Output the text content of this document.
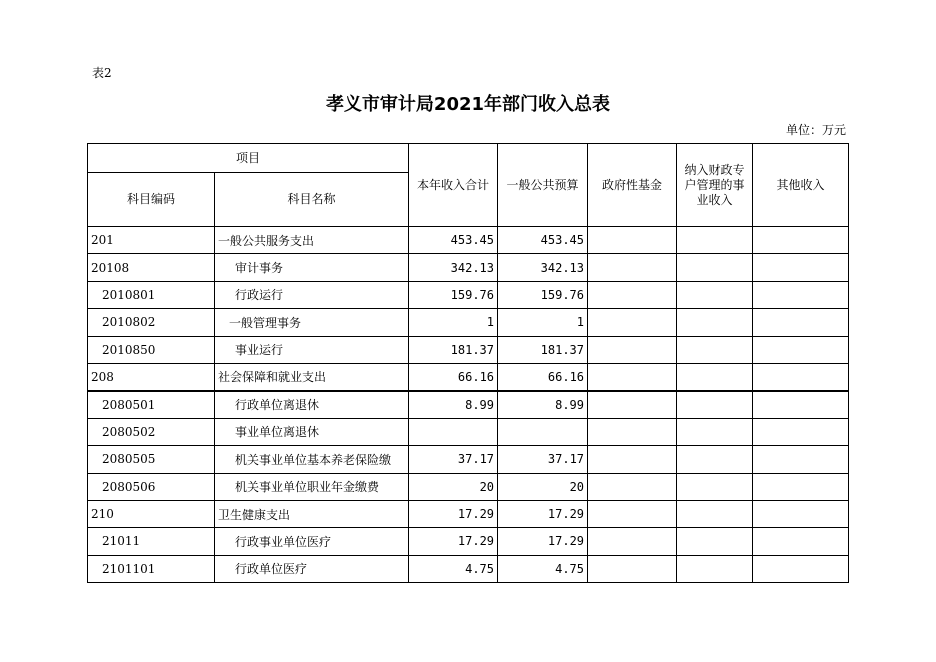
表2
孝义市审计局2021年部门收入总表
单位：万元
项目		本年收入合计	一般公共预算	政府性基金	纳入财政专户管理的事业收入	其他收入
科目编码	科目名称					
201	一般公共服务支出	453.45	453.45			
20108	审计事务	342.13	342.13			
2010801	行政运行	159.76	159.76			
2010802	一般管理事务	1	1			
2010850	事业运行	181.37	181.37			
208	社会保障和就业支出	66.16	66.16			
2080501	行政单位离退休	8.99	8.99			
2080502	事业单位离退休					
2080505	机关事业单位基本养老保险缴	37.17	37.17			
2080506	机关事业单位职业年金缴费	20	20			
210	卫生健康支出	17.29	17.29			
21011	行政事业单位医疗	17.29	17.29			
2101101	行政单位医疗	4.75	4.75			
